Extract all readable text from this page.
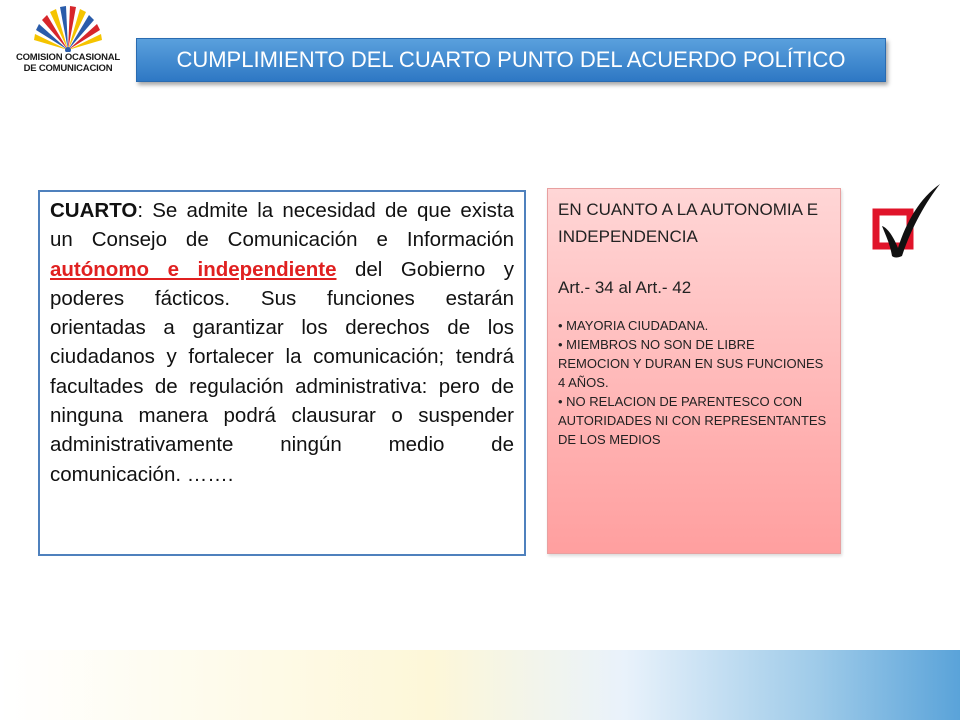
COMISION OCASIONAL
DE COMUNICACION	CUMPLIMIENTO DEL CUARTO PUNTO DEL ACUERDO POLÍTICO
CUARTO: Se admite la necesidad de que exista un Consejo de Comunicación e Información autónomo e independiente del Gobierno y poderes fácticos. Sus funciones estarán orientadas a garantizar los derechos de los ciudadanos y fortalecer la comunicación; tendrá facultades de regulación administrativa: pero de ninguna manera podrá clausurar o suspender administrativamente ningún medio de comunicación. …….
EN CUANTO A LA AUTONOMIA E INDEPENDENCIA
Art.- 34 al Art.- 42
• MAYORIA CIUDADANA.
• MIEMBROS NO SON DE LIBRE REMOCION Y DURAN EN SUS FUNCIONES 4 AÑOS.
• NO RELACION DE PARENTESCO CON AUTORIDADES NI CON REPRESENTANTES DE LOS MEDIOS
